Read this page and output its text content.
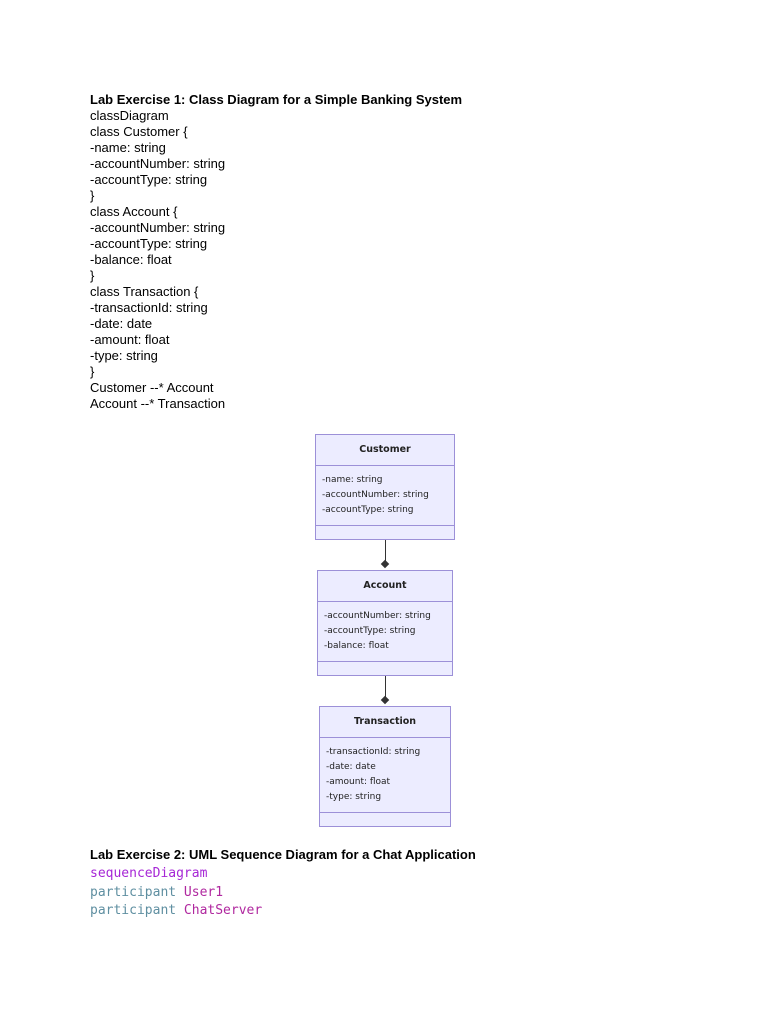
Lab Exercise 1: Class Diagram for a Simple Banking System
classDiagram
class Customer {
-name: string
-accountNumber: string
-accountType: string
}
class Account {
-accountNumber: string
-accountType: string
-balance: float
}
class Transaction {
-transactionId: string
-date: date
-amount: float
-type: string
}
Customer --* Account
Account --* Transaction
Customer
-name: string
-accountNumber: string
-accountType: string
Account
-accountNumber: string
-accountType: string
-balance: float
Transaction
-transactionId: string
-date: date
-amount: float
-type: string
Lab Exercise 2: UML Sequence Diagram for a Chat Application
sequenceDiagram
participant User1
participant ChatServer
